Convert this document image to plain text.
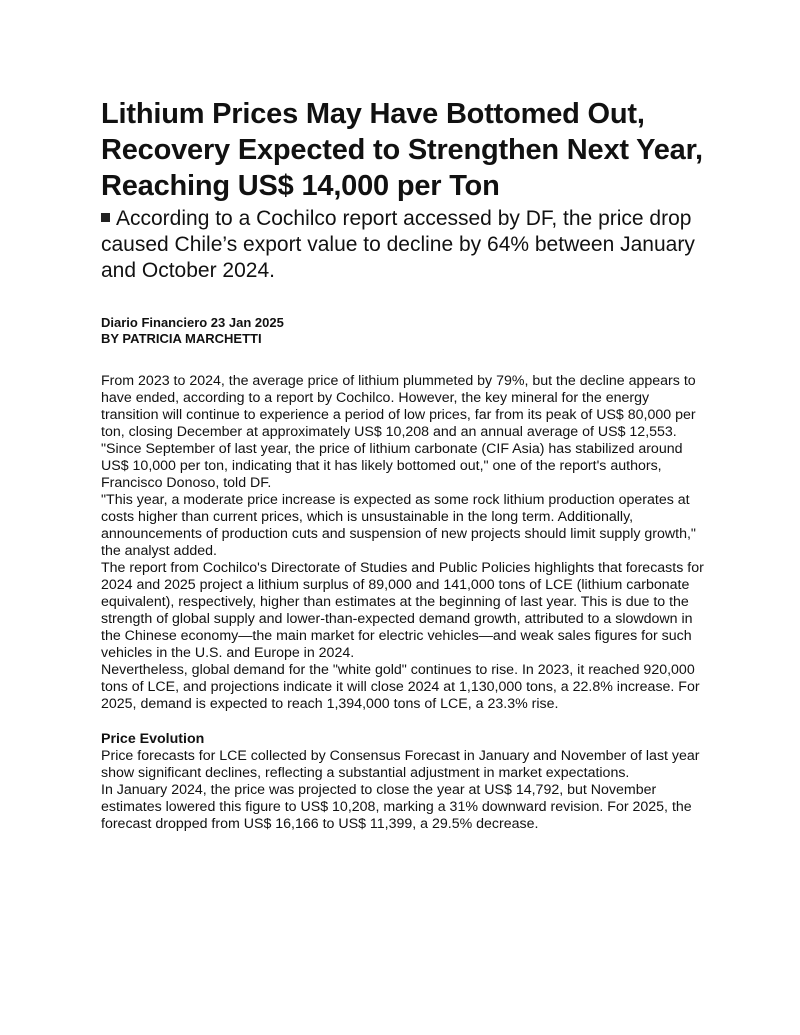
Lithium Prices May Have Bottomed Out, Recovery Expected to Strengthen Next Year, Reaching US$ 14,000 per Ton
According to a Cochilco report accessed by DF, the price drop caused Chile’s export value to decline by 64% between January and October 2024.
Diario Financiero 23 Jan 2025
BY PATRICIA MARCHETTI

From 2023 to 2024, the average price of lithium plummeted by 79%, but the decline appears to have ended, according to a report by Cochilco. However, the key mineral for the energy transition will continue to experience a period of low prices, far from its peak of US$ 80,000 per ton, closing December at approximately US$ 10,208 and an annual average of US$ 12,553.

"Since September of last year, the price of lithium carbonate (CIF Asia) has stabilized around US$ 10,000 per ton, indicating that it has likely bottomed out," one of the report's authors, Francisco Donoso, told DF.

"This year, a moderate price increase is expected as some rock lithium production operates at costs higher than current prices, which is unsustainable in the long term. Additionally, announcements of production cuts and suspension of new projects should limit supply growth," the analyst added.

The report from Cochilco's Directorate of Studies and Public Policies highlights that forecasts for 2024 and 2025 project a lithium surplus of 89,000 and 141,000 tons of LCE (lithium carbonate equivalent), respectively, higher than estimates at the beginning of last year. This is due to the strength of global supply and lower-than-expected demand growth, attributed to a slowdown in the Chinese economy—the main market for electric vehicles—and weak sales figures for such vehicles in the U.S. and Europe in 2024.

Nevertheless, global demand for the "white gold" continues to rise. In 2023, it reached 920,000 tons of LCE, and projections indicate it will close 2024 at 1,130,000 tons, a 22.8% increase. For 2025, demand is expected to reach 1,394,000 tons of LCE, a 23.3% rise.

Price Evolution

Price forecasts for LCE collected by Consensus Forecast in January and November of last year show significant declines, reflecting a substantial adjustment in market expectations.

In January 2024, the price was projected to close the year at US$ 14,792, but November estimates lowered this figure to US$ 10,208, marking a 31% downward revision. For 2025, the forecast dropped from US$ 16,166 to US$ 11,399, a 29.5% decrease.
